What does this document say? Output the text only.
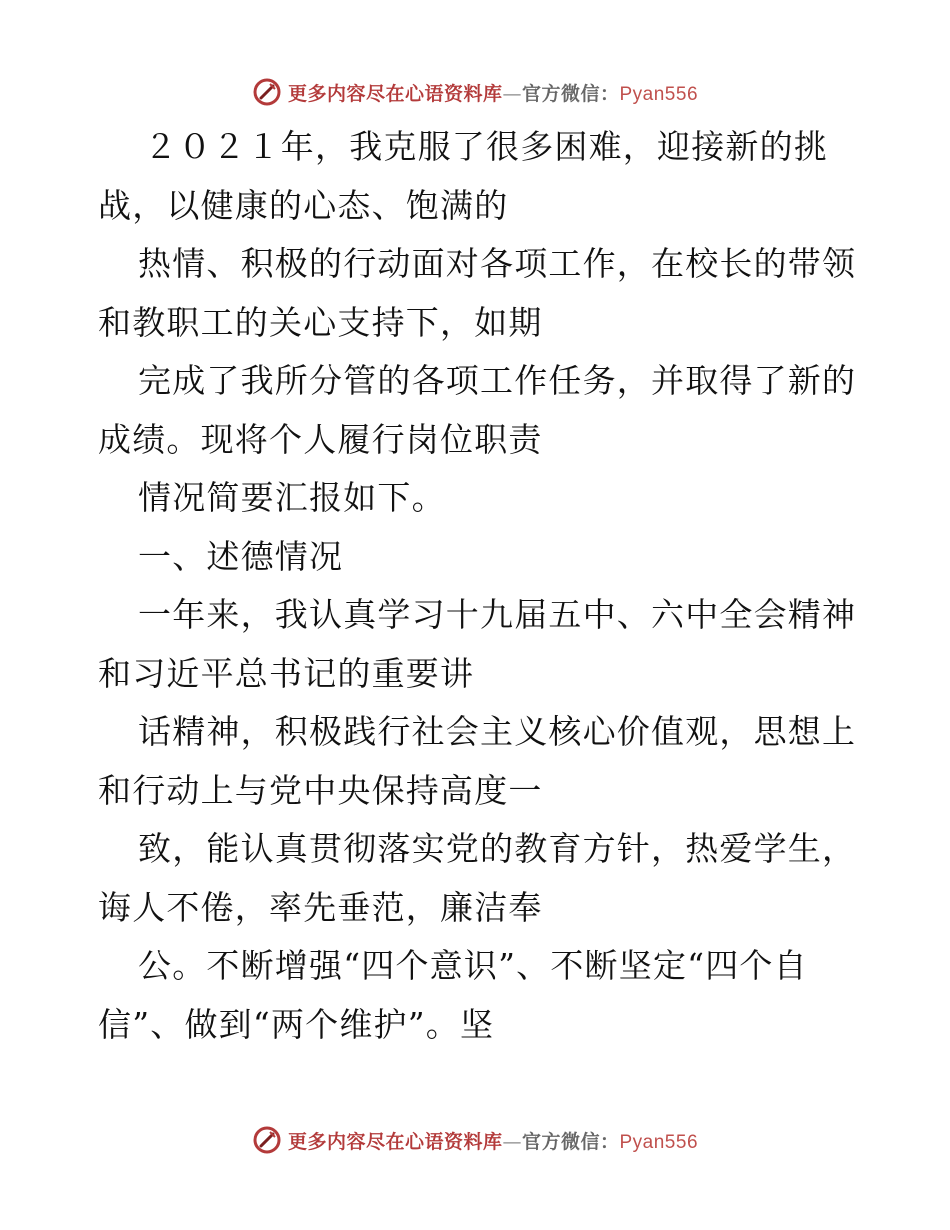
更多内容尽在心语资料库—官方微信：Pyan556
２０２１年，我克服了很多困难，迎接新的挑
战，以健康的心态、饱满的
热情、积极的行动面对各项工作，在校长的带领
和教职工的关心支持下，如期
完成了我所分管的各项工作任务，并取得了新的
成绩。现将个人履行岗位职责
情况简要汇报如下。
一、述德情况
一年来，我认真学习十九届五中、六中全会精神
和习近平总书记的重要讲
话精神，积极践行社会主义核心价值观，思想上
和行动上与党中央保持高度一
致，能认真贯彻落实党的教育方针，热爱学生，
诲人不倦，率先垂范，廉洁奉
公。不断增强“四个意识”、不断坚定“四个自
信”、做到“两个维护”。坚
更多内容尽在心语资料库—官方微信：Pyan556
